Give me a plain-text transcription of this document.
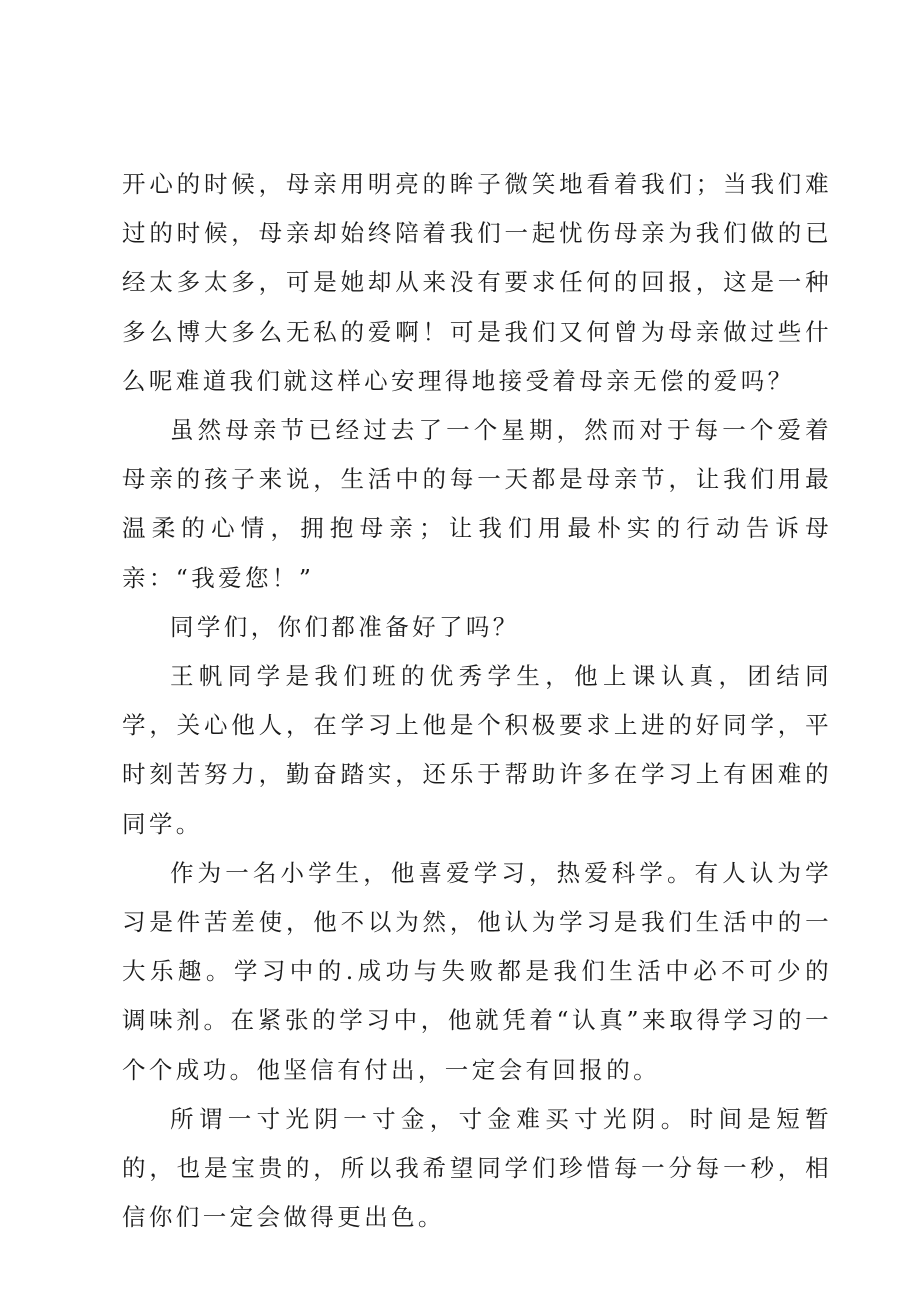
开心的时候，母亲用明亮的眸子微笑地看着我们；当我们难过的时候，母亲却始终陪着我们一起忧伤母亲为我们做的已经太多太多，可是她却从来没有要求任何的回报，这是一种多么博大多么无私的爱啊！可是我们又何曾为母亲做过些什么呢难道我们就这样心安理得地接受着母亲无偿的爱吗？

虽然母亲节已经过去了一个星期，然而对于每一个爱着母亲的孩子来说，生活中的每一天都是母亲节，让我们用最温柔的心情，拥抱母亲；让我们用最朴实的行动告诉母亲：“我爱您！”

同学们，你们都准备好了吗？

王帆同学是我们班的优秀学生，他上课认真，团结同学，关心他人，在学习上他是个积极要求上进的好同学，平时刻苦努力，勤奋踏实，还乐于帮助许多在学习上有困难的同学。

作为一名小学生，他喜爱学习，热爱科学。有人认为学习是件苦差使，他不以为然，他认为学习是我们生活中的一大乐趣。学习中的.成功与失败都是我们生活中必不可少的调味剂。在紧张的学习中，他就凭着“认真”来取得学习的一个个成功。他坚信有付出，一定会有回报的。

所谓一寸光阴一寸金，寸金难买寸光阴。时间是短暂的，也是宝贵的，所以我希望同学们珍惜每一分每一秒，相信你们一定会做得更出色。
